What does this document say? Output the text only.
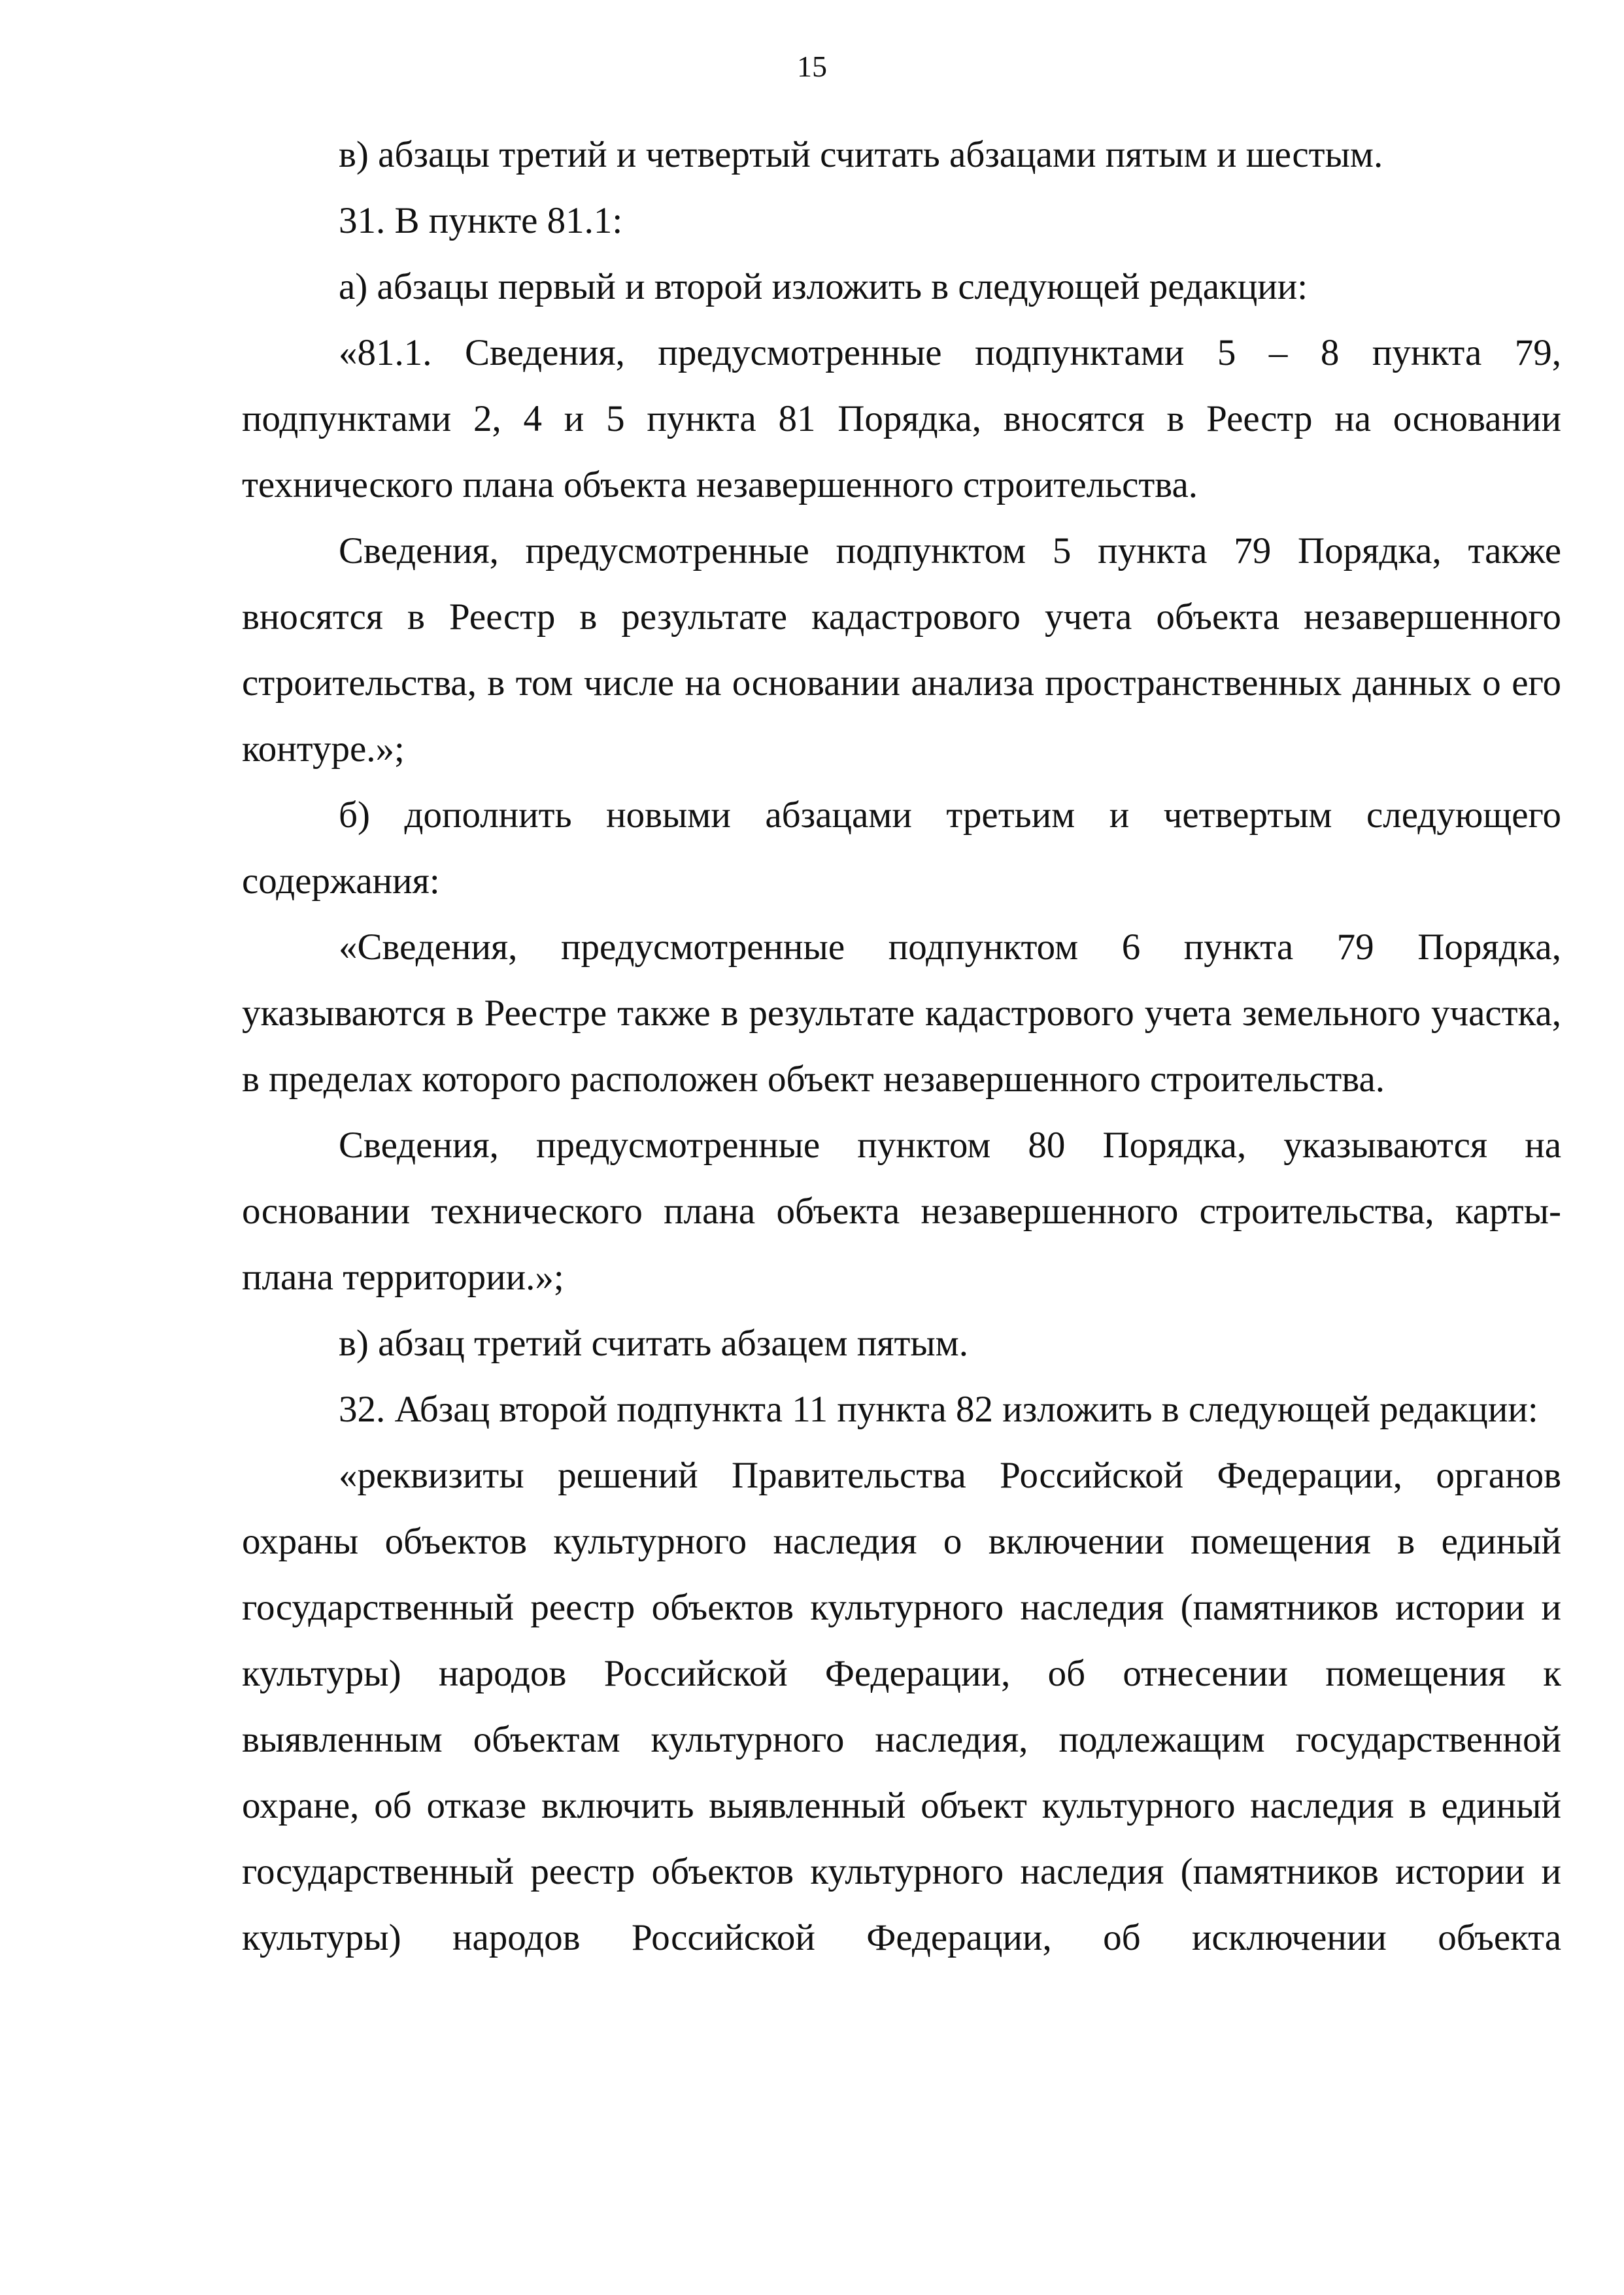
15

в) абзацы третий и четвертый считать абзацами пятым и шестым.

31. В пункте 81.1:

а) абзацы первый и второй изложить в следующей редакции:

«81.1. Сведения, предусмотренные подпунктами 5 – 8 пункта 79, подпунктами 2, 4 и 5 пункта 81 Порядка, вносятся в Реестр на основании технического плана объекта незавершенного строительства.

Сведения, предусмотренные подпунктом 5 пункта 79 Порядка, также вносятся в Реестр в результате кадастрового учета объекта незавершенного строительства, в том числе на основании анализа пространственных данных о его контуре.»;

б) дополнить новыми абзацами третьим и четвертым следующего содержания:

«Сведения, предусмотренные подпунктом 6 пункта 79 Порядка, указываются в Реестре также в результате кадастрового учета земельного участка, в пределах которого расположен объект незавершенного строительства.

Сведения, предусмотренные пунктом 80 Порядка, указываются на основании технического плана объекта незавершенного строительства, карты-плана территории.»;

в) абзац третий считать абзацем пятым.

32. Абзац второй подпункта 11 пункта 82 изложить в следующей редакции:

«реквизиты решений Правительства Российской Федерации, органов охраны объектов культурного наследия о включении помещения в единый государственный реестр объектов культурного наследия (памятников истории и культуры) народов Российской Федерации, об отнесении помещения к выявленным объектам культурного наследия, подлежащим государственной охране, об отказе включить выявленный объект культурного наследия в единый государственный реестр объектов культурного наследия (памятников истории и культуры) народов Российской Федерации, об исключении объекта
